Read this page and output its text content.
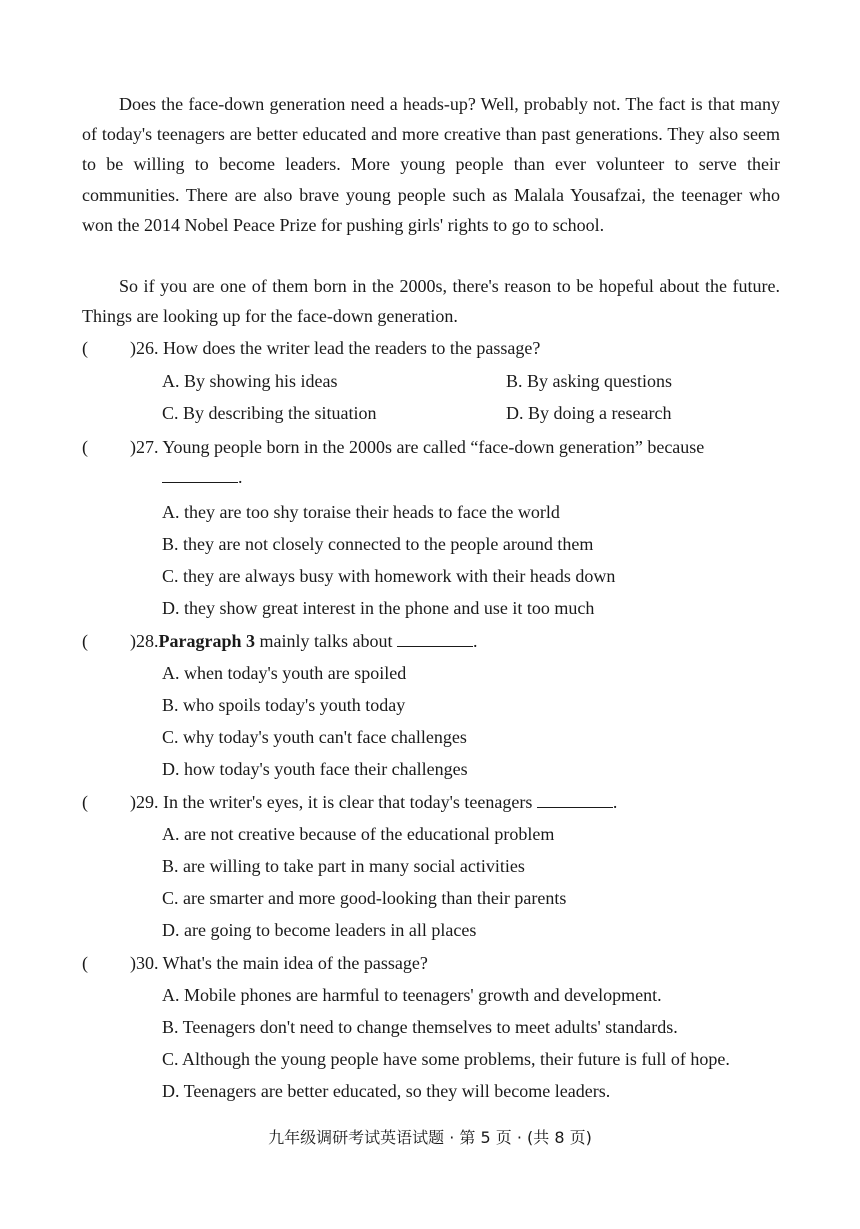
Does the face-down generation need a heads-up? Well, probably not. The fact is that many of today's teenagers are better educated and more creative than past generations. They also seem to be willing to become leaders. More young people than ever volunteer to serve their communities. There are also brave young people such as Malala Yousafzai, the teenager who won the 2014 Nobel Peace Prize for pushing girls' rights to go to school.

So if you are one of them born in the 2000s, there's reason to be hopeful about the future. Things are looking up for the face-down generation.

( )26. How does the writer lead the readers to the passage?
A. By showing his ideas	B. By asking questions
C. By describing the situation	D. By doing a research
( )27. Young people born in the 2000s are called “face-down generation” because
.
A. they are too shy toraise their heads to face the world
B. they are not closely connected to the people around them
C. they are always busy with homework with their heads down
D. they show great interest in the phone and use it too much
( )28.Paragraph 3 mainly talks about	.
A. when today's youth are spoiled
B. who spoils today's youth today
C. why today's youth can't face challenges
D. how today's youth face their challenges
( )29. In the writer's eyes, it is clear that today's teenagers	.
A. are not creative because of the educational problem
B. are willing to take part in many social activities
C. are smarter and more good-looking than their parents
D. are going to become leaders in all places
( )30. What's the main idea of the passage?
A. Mobile phones are harmful to teenagers' growth and development.
B. Teenagers don't need to change themselves to meet adults' standards.
C. Although the young people have some problems, their future is full of hope.
D. Teenagers are better educated, so they will become leaders.
九年级调研考试英语试题 · 第 5 页 · (共 8 页)
